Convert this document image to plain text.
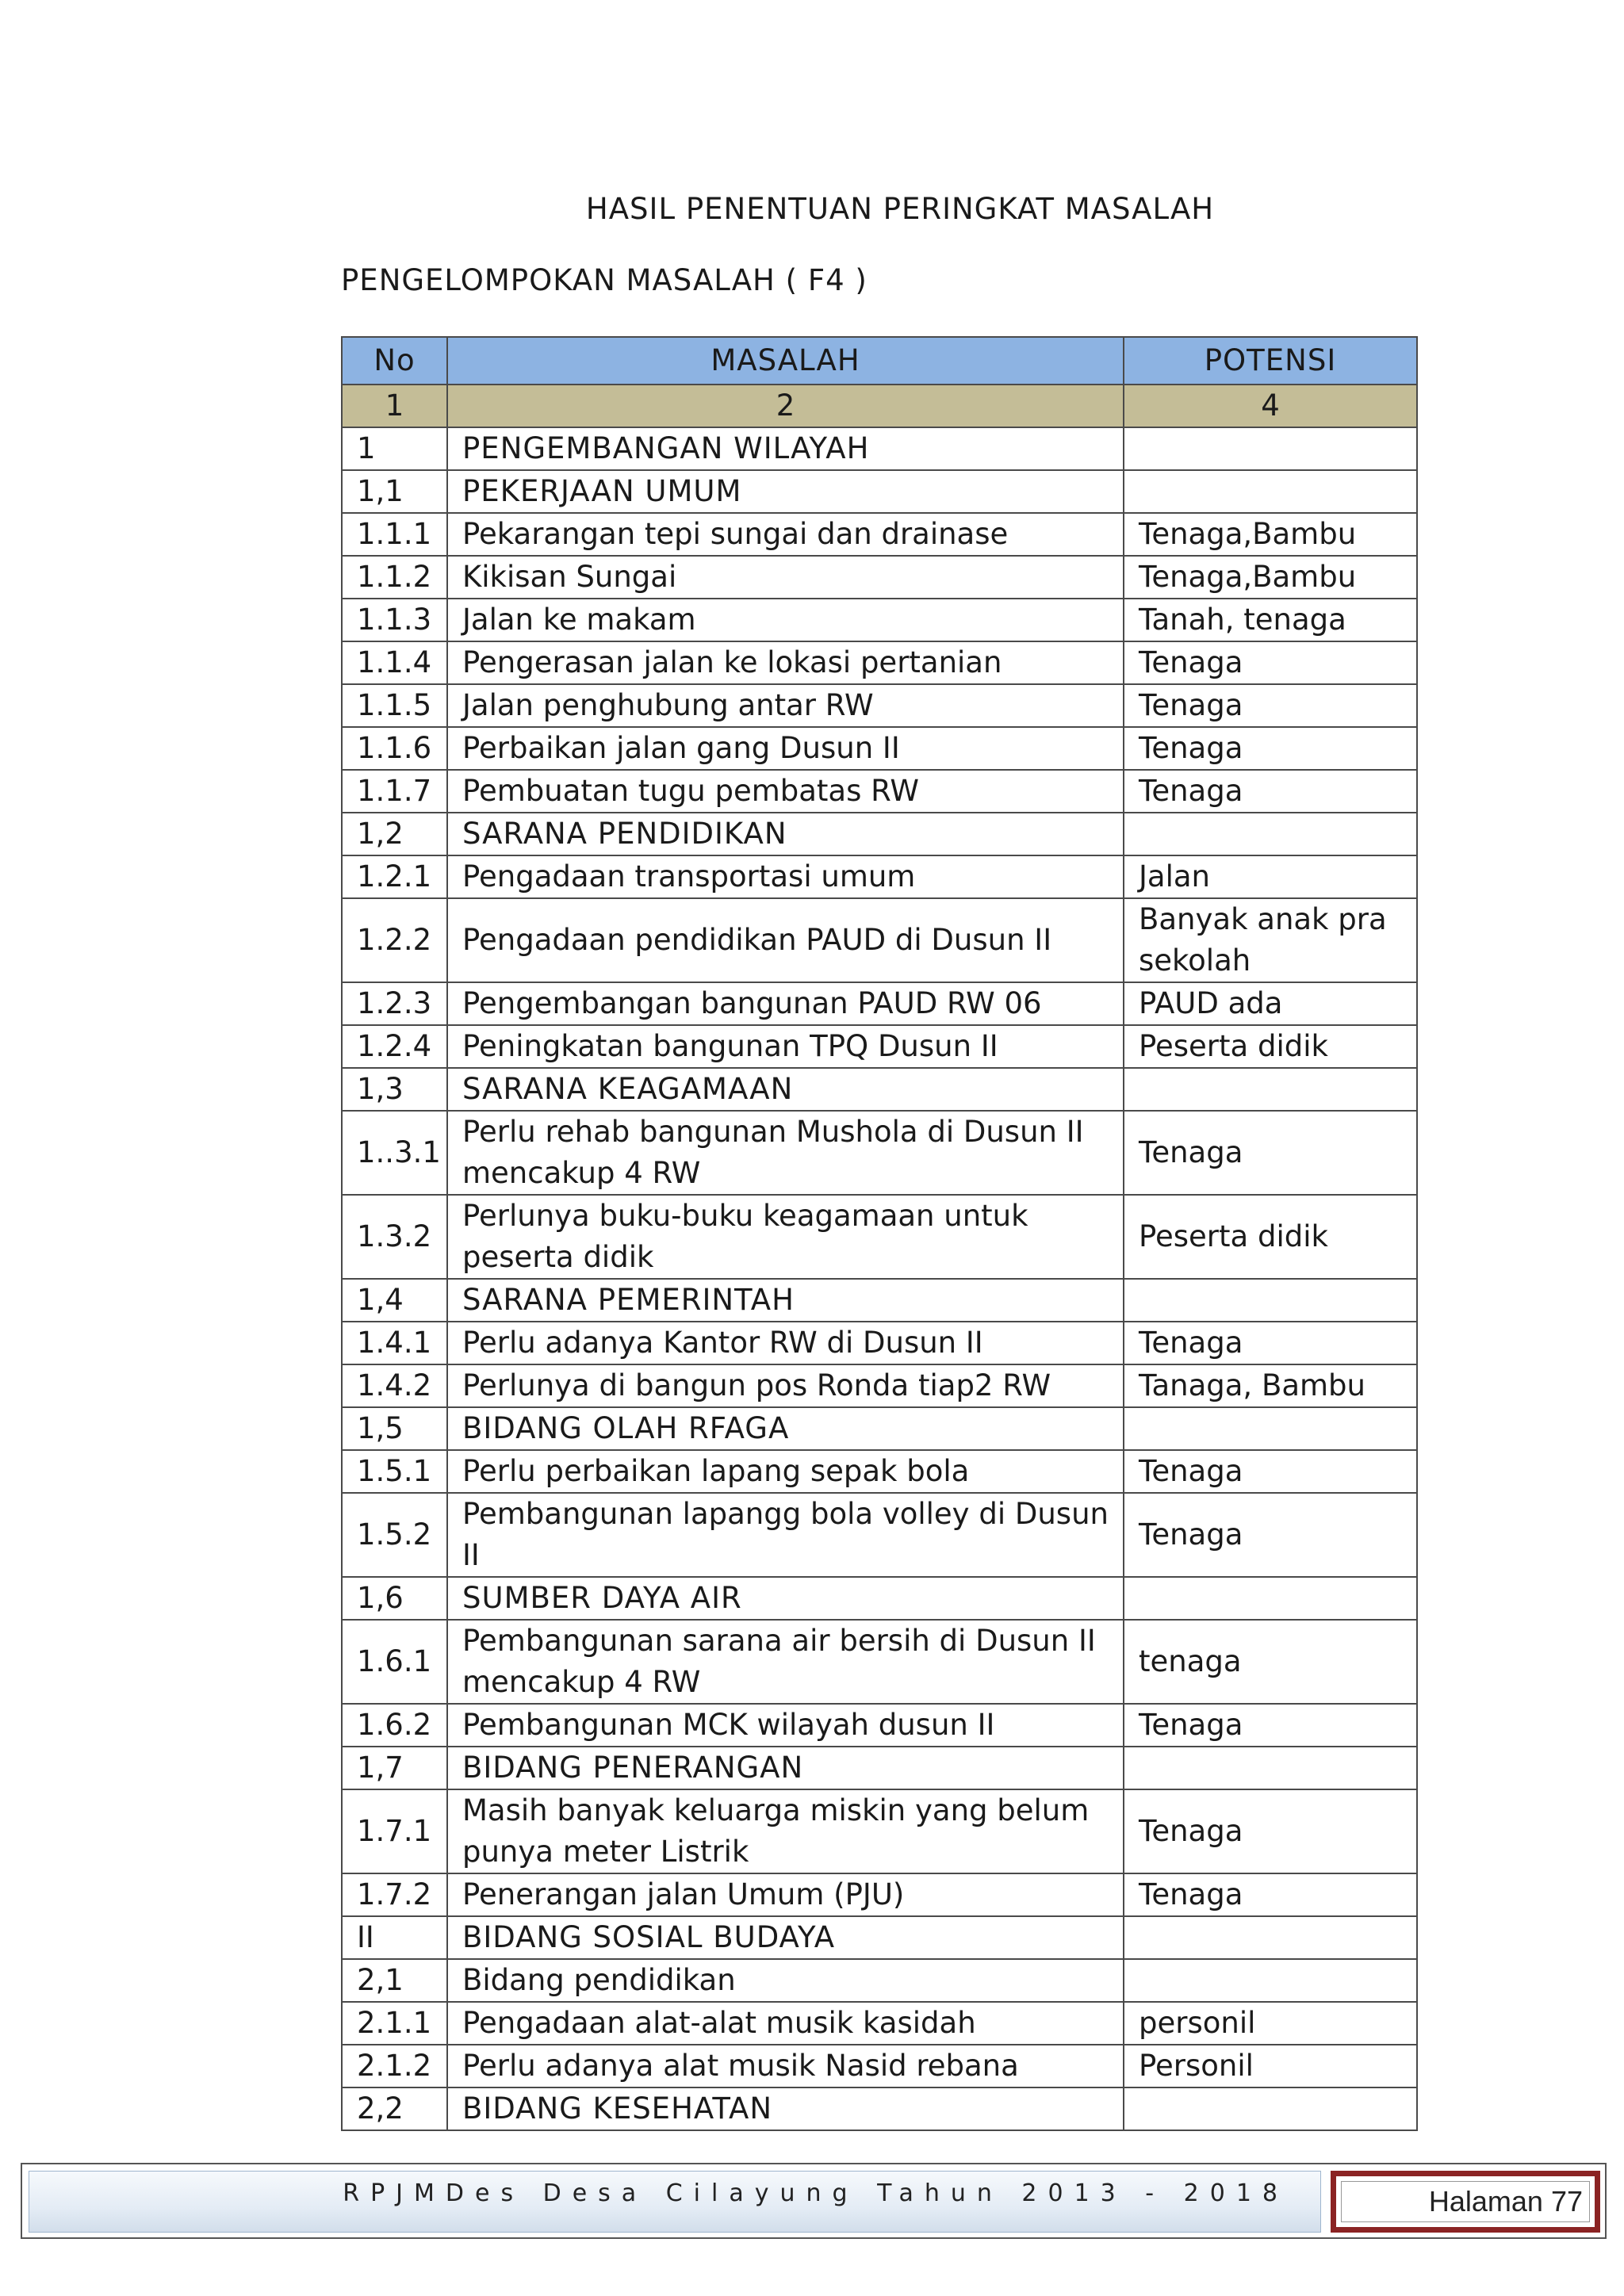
HASIL PENENTUAN PERINGKAT MASALAH
PENGELOMPOKAN MASALAH ( F4 )
No	MASALAH	POTENSI
1	2	4
1	PENGEMBANGAN WILAYAH	
1,1	PEKERJAAN UMUM	
1.1.1	Pekarangan tepi sungai dan drainase	Tenaga,Bambu
1.1.2	Kikisan Sungai	Tenaga,Bambu
1.1.3	Jalan ke makam	Tanah, tenaga
1.1.4	Pengerasan jalan ke lokasi pertanian	Tenaga
1.1.5	Jalan penghubung antar RW	Tenaga
1.1.6	Perbaikan jalan gang Dusun II	Tenaga
1.1.7	Pembuatan tugu pembatas RW	Tenaga
1,2	SARANA PENDIDIKAN	
1.2.1	Pengadaan transportasi umum	Jalan
1.2.2	Pengadaan pendidikan PAUD di Dusun II	Banyak anak pra sekolah
1.2.3	Pengembangan bangunan PAUD RW 06	PAUD ada
1.2.4	Peningkatan bangunan TPQ Dusun II	Peserta didik
1,3	SARANA KEAGAMAAN	
1..3.1	Perlu rehab bangunan Mushola di Dusun II mencakup 4 RW	Tenaga
1.3.2	Perlunya buku-buku keagamaan untuk peserta didik	Peserta didik
1,4	SARANA PEMERINTAH	
1.4.1	Perlu adanya Kantor RW di Dusun II	Tenaga
1.4.2	Perlunya di bangun pos Ronda tiap2 RW	Tanaga, Bambu
1,5	BIDANG OLAH RFAGA	
1.5.1	Perlu perbaikan lapang sepak bola	Tenaga
1.5.2	Pembangunan lapangg bola volley di Dusun II	Tenaga
1,6	SUMBER DAYA AIR	
1.6.1	Pembangunan sarana air bersih di Dusun II mencakup 4 RW	tenaga
1.6.2	Pembangunan MCK wilayah dusun II	Tenaga
1,7	BIDANG PENERANGAN	
1.7.1	Masih banyak keluarga miskin yang belum punya meter Listrik	Tenaga
1.7.2	Penerangan jalan Umum (PJU)	Tenaga
II	BIDANG SOSIAL BUDAYA	
2,1	Bidang pendidikan	
2.1.1	Pengadaan alat-alat musik kasidah	personil
2.1.2	Perlu adanya alat musik Nasid rebana	Personil
2,2	BIDANG KESEHATAN	
RPJMDes Desa Cilayung Tahun 2013 - 2018	Halaman 77
